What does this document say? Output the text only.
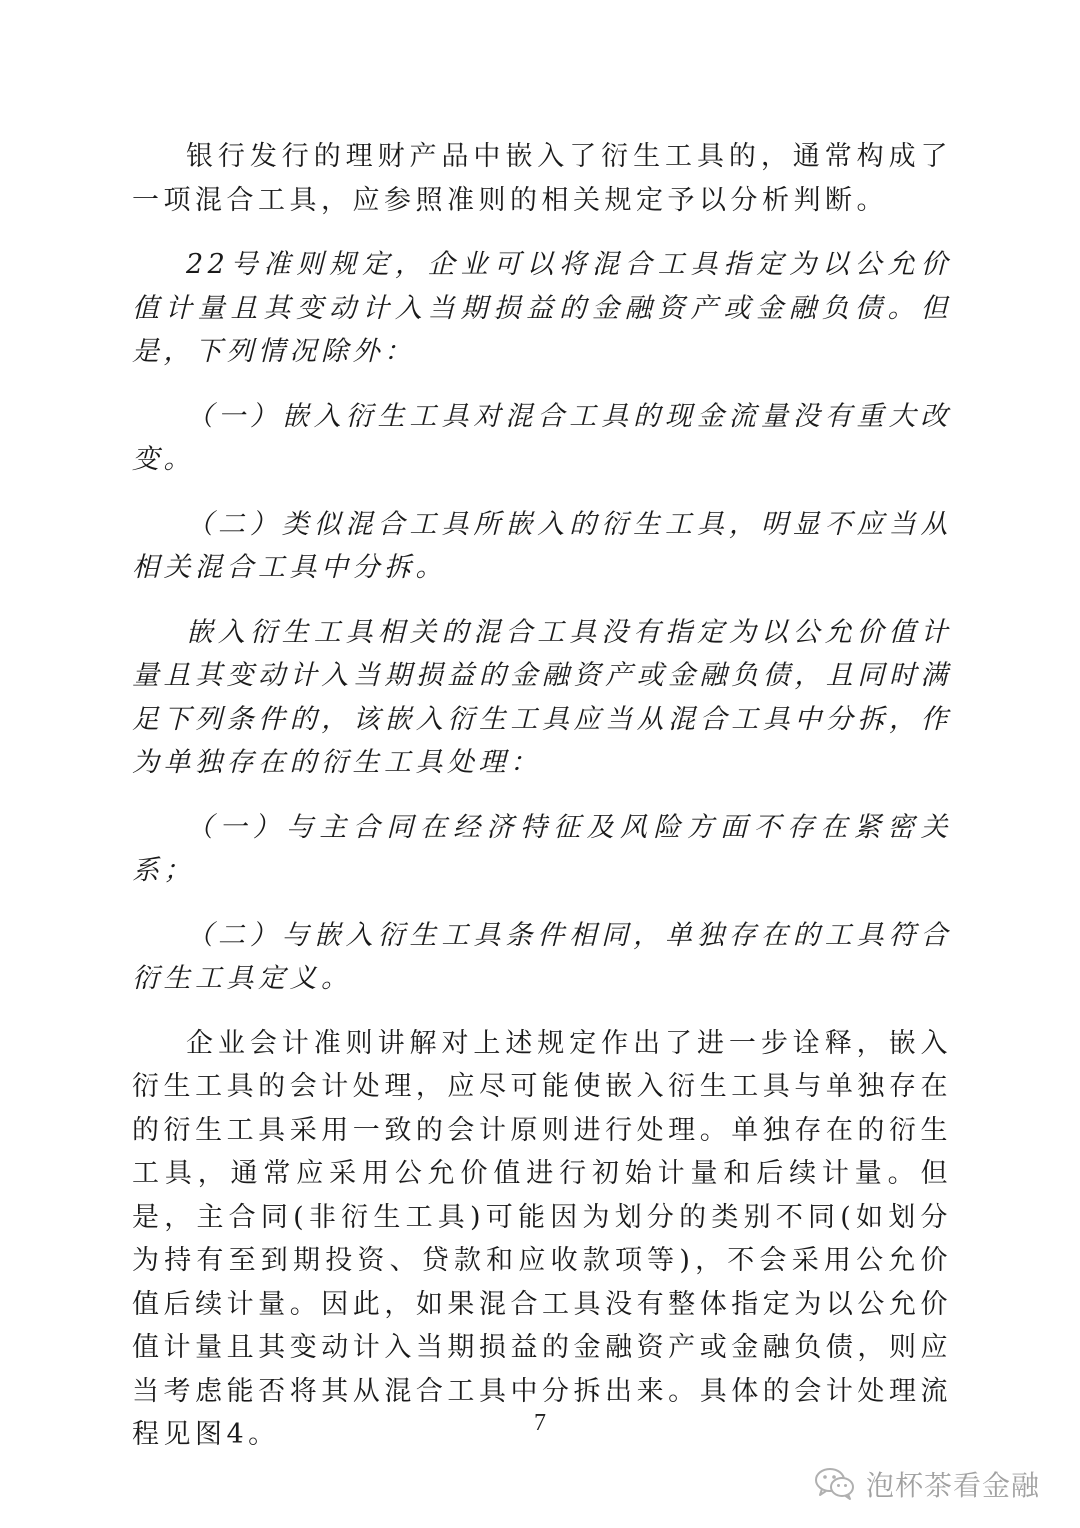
银行发行的理财产品中嵌入了衍生工具的，通常构成了一项混合工具，应参照准则的相关规定予以分析判断。

22号准则规定，企业可以将混合工具指定为以公允价值计量且其变动计入当期损益的金融资产或金融负债。但是，下列情况除外：

（一）嵌入衍生工具对混合工具的现金流量没有重大改变。

（二）类似混合工具所嵌入的衍生工具，明显不应当从相关混合工具中分拆。

嵌入衍生工具相关的混合工具没有指定为以公允价值计量且其变动计入当期损益的金融资产或金融负债，且同时满足下列条件的，该嵌入衍生工具应当从混合工具中分拆，作为单独存在的衍生工具处理：

（一）与主合同在经济特征及风险方面不存在紧密关系；

（二）与嵌入衍生工具条件相同，单独存在的工具符合衍生工具定义。

企业会计准则讲解对上述规定作出了进一步诠释，嵌入衍生工具的会计处理，应尽可能使嵌入衍生工具与单独存在的衍生工具采用一致的会计原则进行处理。单独存在的衍生工具，通常应采用公允价值进行初始计量和后续计量。但是，主合同(非衍生工具)可能因为划分的类别不同(如划分为持有至到期投资、贷款和应收款项等)，不会采用公允价值后续计量。因此，如果混合工具没有整体指定为以公允价值计量且其变动计入当期损益的金融资产或金融负债，则应当考虑能否将其从混合工具中分拆出来。具体的会计处理流程见图4。	7
泡杯茶看金融
